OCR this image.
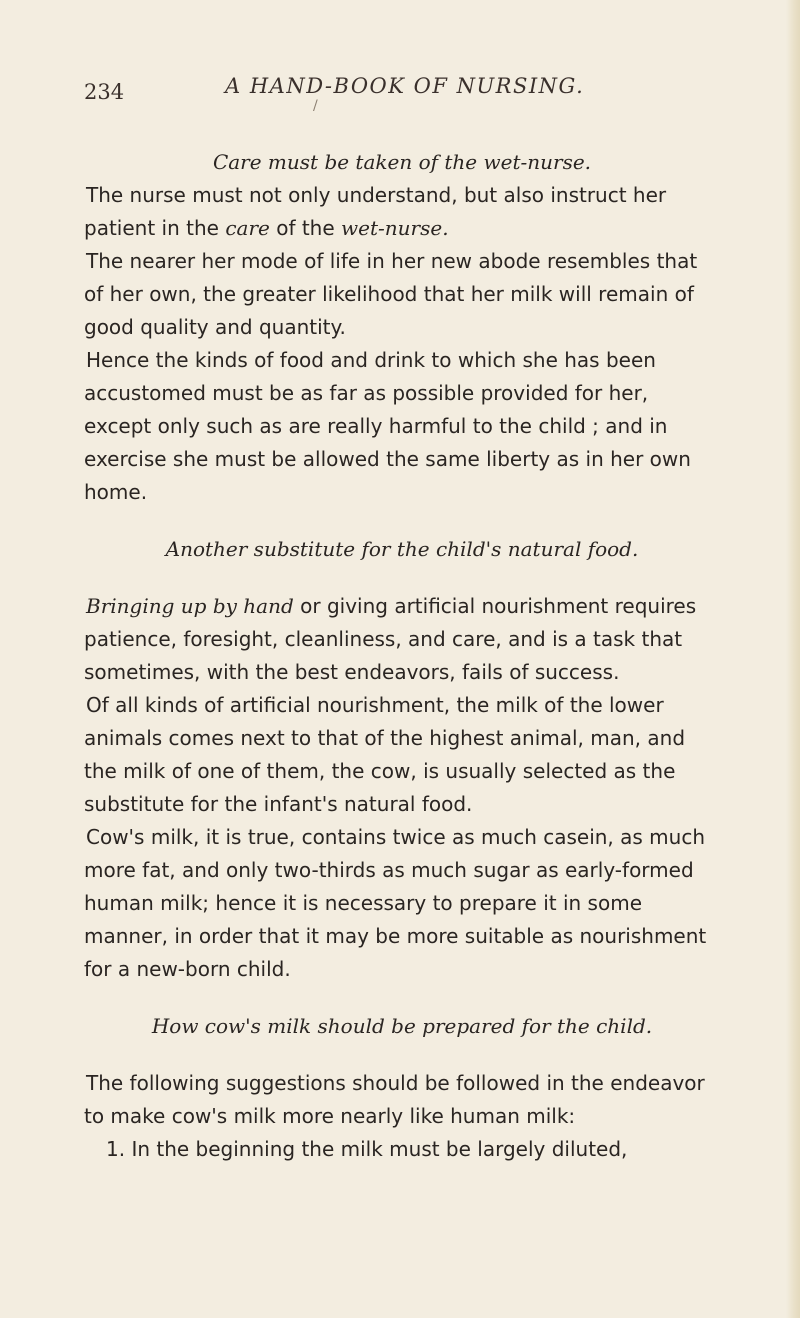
234	A HAND-BOOK OF NURSING.
/

Care must be taken of the wet-nurse.

The nurse must not only understand, but also instruct her patient in the care of the wet-nurse.

The nearer her mode of life in her new abode resembles that of her own, the greater likelihood that her milk will remain of good quality and quantity.

Hence the kinds of food and drink to which she has been accustomed must be as far as possible provided for her, except only such as are really harmful to the child ; and in exercise she must be allowed the same liberty as in her own home.

Another substitute for the child's natural food.

Bringing up by hand or giving artificial nourishment requires patience, foresight, cleanliness, and care, and is a task that sometimes, with the best endeavors, fails of success.

Of all kinds of artificial nourishment, the milk of the lower animals comes next to that of the highest animal, man, and the milk of one of them, the cow, is usually selected as the substitute for the infant's natural food.

Cow's milk, it is true, contains twice as much casein, as much more fat, and only two-thirds as much sugar as early-formed human milk; hence it is necessary to prepare it in some manner, in order that it may be more suitable as nourishment for a new-born child.

How cow's milk should be prepared for the child.

The following suggestions should be followed in the endeavor to make cow's milk more nearly like human milk:

1. In the beginning the milk must be largely diluted,
